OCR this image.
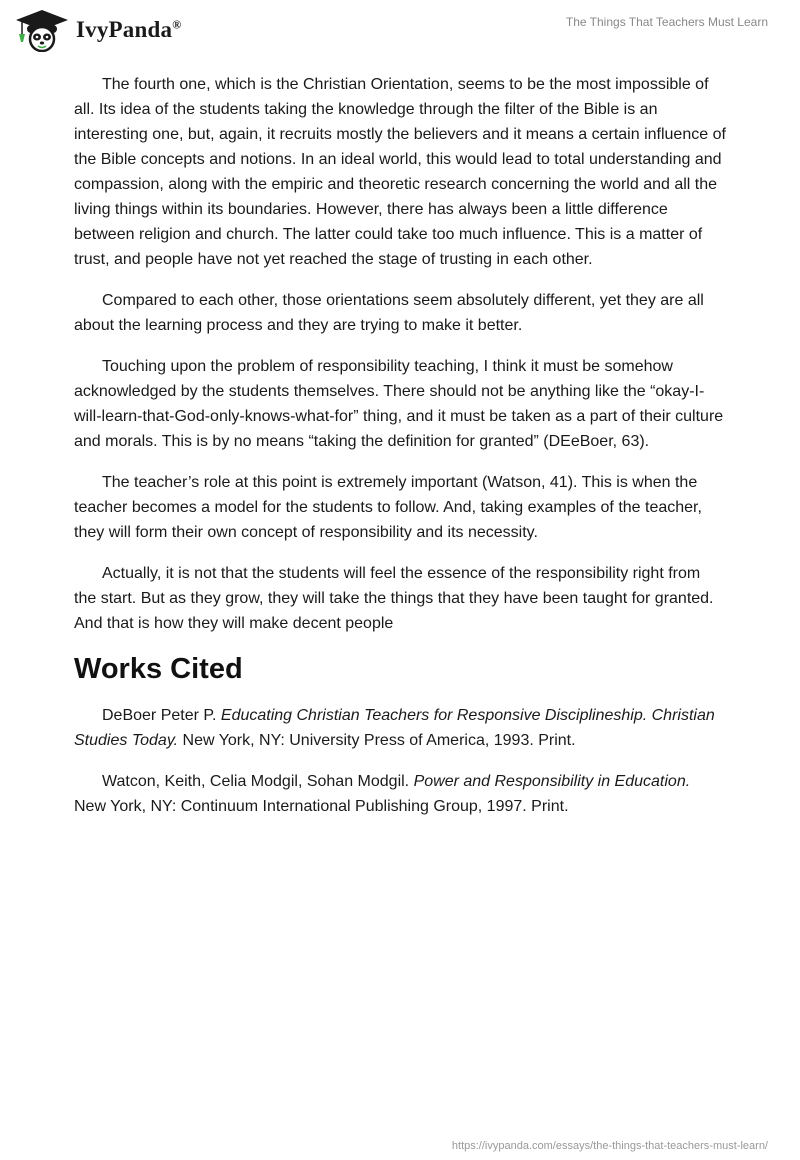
IvyPanda®	The Things That Teachers Must Learn

The fourth one, which is the Christian Orientation, seems to be the most impossible of all. Its idea of the students taking the knowledge through the filter of the Bible is an interesting one, but, again, it recruits mostly the believers and it means a certain influence of the Bible concepts and notions. In an ideal world, this would lead to total understanding and compassion, along with the empiric and theoretic research concerning the world and all the living things within its boundaries. However, there has always been a little difference between religion and church. The latter could take too much influence. This is a matter of trust, and people have not yet reached the stage of trusting in each other.

Compared to each other, those orientations seem absolutely different, yet they are all about the learning process and they are trying to make it better.

Touching upon the problem of responsibility teaching, I think it must be somehow acknowledged by the students themselves. There should not be anything like the “okay-I-will-learn-that-God-only-knows-what-for” thing, and it must be taken as a part of their culture and morals. This is by no means “taking the definition for granted” (DEeBoer, 63).

The teacher’s role at this point is extremely important (Watson, 41). This is when the teacher becomes a model for the students to follow. And, taking examples of the teacher, they will form their own concept of responsibility and its necessity.

Actually, it is not that the students will feel the essence of the responsibility right from the start. But as they grow, they will take the things that they have been taught for granted. And that is how they will make decent people

Works Cited

DeBoer Peter P. Educating Christian Teachers for Responsive Disciplineship. Christian Studies Today. New York, NY: University Press of America, 1993. Print.

Watcon, Keith, Celia Modgil, Sohan Modgil. Power and Responsibility in Education. New York, NY: Continuum International Publishing Group, 1997. Print.

https://ivypanda.com/essays/the-things-that-teachers-must-learn/
